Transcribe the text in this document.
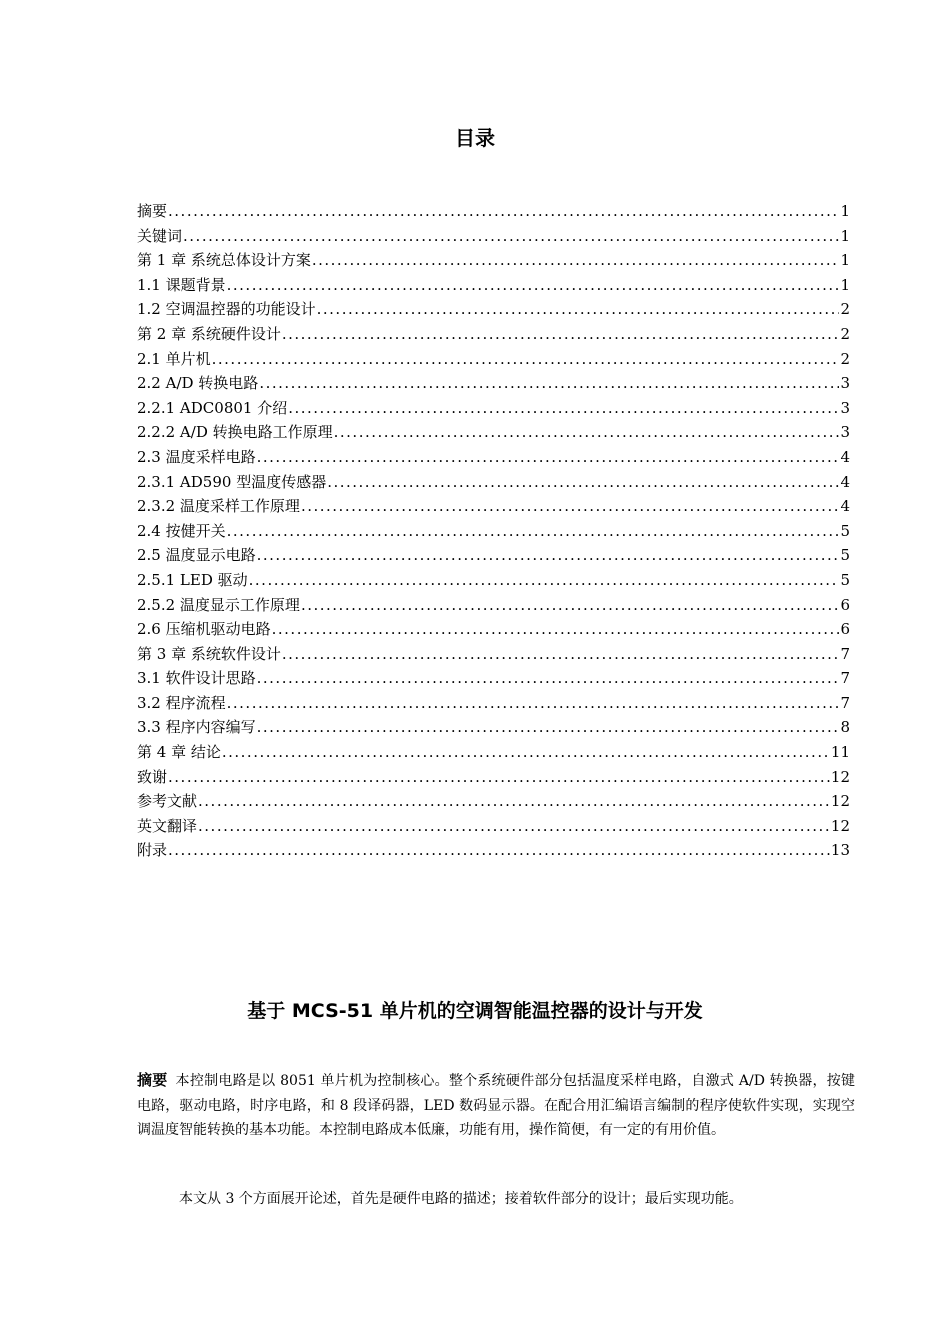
目录
摘要 .....	1
关键词 .....	1
第 1 章 系统总体设计方案 .....	1
1.1 课题背景 .....	1
1.2 空调温控器的功能设计 .....	2
第 2 章 系统硬件设计 .....	2
2.1 单片机 .....	2
2.2 A/D 转换电路 .....	3
2.2.1 ADC0801 介绍 .....	3
2.2.2 A/D 转换电路工作原理 .....	3
2.3 温度采样电路 .....	4
2.3.1 AD590 型温度传感器 .....	4
2.3.2 温度采样工作原理 .....	4
2.4 按健开关 .....	5
2.5 温度显示电路 .....	5
2.5.1 LED 驱动 .....	5
2.5.2 温度显示工作原理 .....	6
2.6 压缩机驱动电路 .....	6
第 3 章 系统软件设计 .....	7
3.1 软件设计思路 .....	7
3.2 程序流程 .....	7
3.3 程序内容编写 .....	8
第 4 章 结论 .....	11
致谢 .....	12
参考文献 .....	12
英文翻译 .....	12
附录 .....	13
基于 MCS-51 单片机的空调智能温控器的设计与开发

摘要 本控制电路是以 8051 单片机为控制核心。整个系统硬件部分包括温度采样电路，自激式 A/D 转换器，按键电路，驱动电路，时序电路，和 8 段译码器，LED 数码显示器。在配合用汇编语言编制的程序使软件实现，实现空调温度智能转换的基本功能。本控制电路成本低廉，功能有用，操作简便，有一定的有用价值。

本文从 3 个方面展开论述，首先是硬件电路的描述；接着软件部分的设计；最后实现功能。
